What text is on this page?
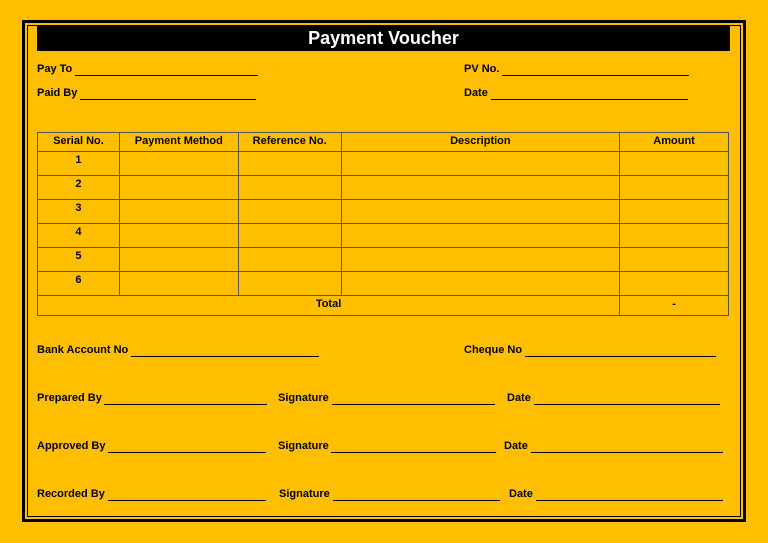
Payment Voucher
Pay To	PV No.
Paid By	Date
Serial No.	Payment Method	Reference No.	Description	Amount
1				
2				
3				
4				
5				
6				
Total				-
Bank Account No	Cheque No
Prepared By	Signature	Date
Approved By	Signature	Date
Recorded By	Signature	Date
